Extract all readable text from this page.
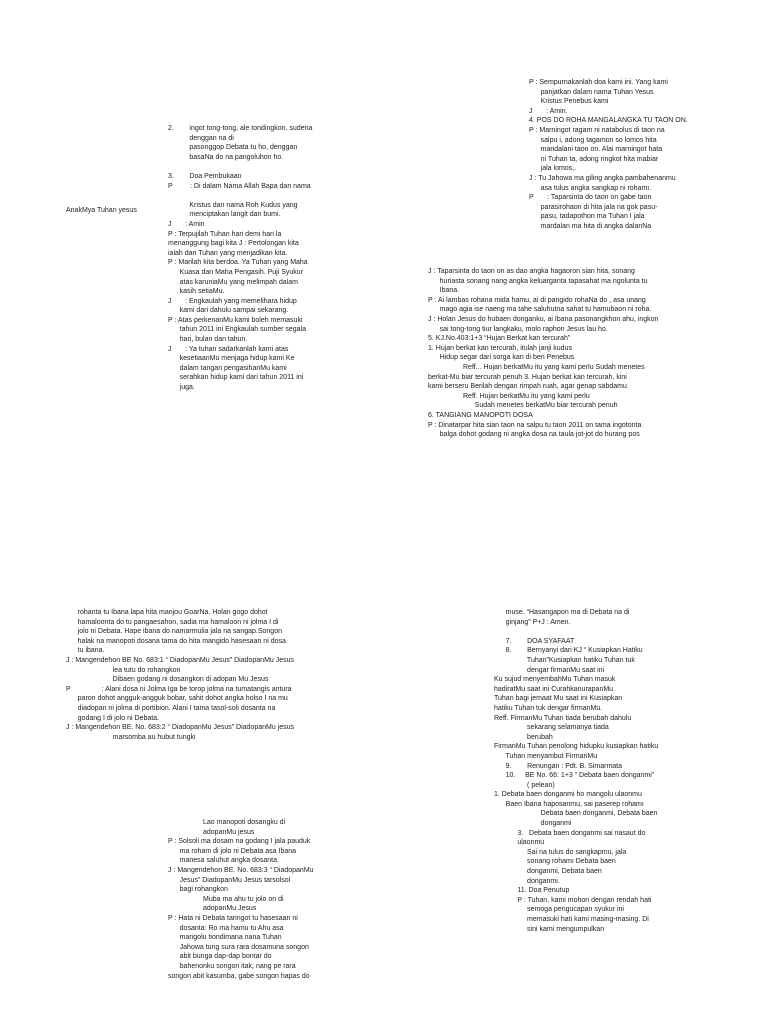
2.        ingot tong-tong, ale tondingkon, sudena

denggan na di

pasonggop Debata tu ho, denggan

basaNa do na pangoluhon ho.

3.        Doa Pembukaan

P         : Di dalam Nama Allah Bapa dan nama

Kristus dan nama Roh Kudus yang

menciptakan langit dan bumi.

J       : Amin

P : Terpujilah Tuhan hari demi hari la

menanggung bagi kita J : Pertolongan kita

ialah dari Tuhan yang menjadikan kita.

P : Marilah kita berdoa. Ya Tuhan yang Maha

Kuasa dan Maha Pengasih. Puji Syukur

atas karuniaMu yang melimpah dalam

kasih setiaMu.

J       : Engkaulah yang memelihara hidup

kami dari dahulu sampai sekarang.

P : Atas perkenanMu kami boleh memasuki

tahun 2011 ini Engkaulah sumber segala

hari, bulan dan tahun.

J       : Ya tuhan sadarkanlah kami atas

kesetiaanMu menjaga hidup kami Ke

dalam tangan pengasihanMu kami

serahkan hidup kami dari tahun 2011 ini

juga.

AnakMya Tuhan yesus

P : Sempurnakanlah doa kami ini. Yang kami

panjatkan dalam nama Tuhan Yesus

Kristus Penebus kami

J       : Amin.

4. POS DO ROHA MANGALANGKA TU TAON ON.

P : Marningot ragam ni natabolus di taon na

salpu i, adong tagamon so lomos hita

mandalani taon on. Alai marningot hata

ni Tuhan ta, adong ringkot hita mabiar

jala lomos,.

J : Tu Jahowa ma giling angka pambahenanmu

asa tulus angka sangkap ni rohamı.

P       : Taparsinta do taon on gabe taon

parasirohaon di hita jala na gok pasu-

pasu, tadapothon ma Tuhan I jala

mardalan ma hita di angka dalanNa

J : Taparsinta do taon on as dao angka hagaoron sian hita, sonang

huriasta sonang nang angka keluarganta tapasahat ma ngolunta tu

Ibana.

P : Ai lambas rohana mida hamu, ai di pangido rohaNa do , asa unang

mago agia ise naeng ma tahe saluhutna sahat tu hamubaon ni roha.

J : Holan Jesus do hubaen donganku, ai Ibana pasonangkhon ahu, ingkon

sai tong-tong tiur langkaku, molo raphon Jesus lau ho.

5. KJ.No.403:1+3 “Hujan Berkat kan tercurah”

1. Hujan berkat kan tercurah, itulah janji kudus

Hidup segar dari sorga kan di beri Penebus

Reff... Hujan berkatMu itu yang kami perlu Sudah menetes

berkat-Mu biar tercurah penuh 3. Hujan berkat kan tercurah, kini

kami berseru Berilah dengan rimpah ruah, agar genap sabdamu

Reff. Hujan berkatMu itu yang kami perlu

Sudah menetes berkatMu biar tercurah penuh

6. TANGIANG MANOPOTI DOSA

P : Dinatarpar hita sian taon na salpu tu taon 2011 on tama ingotonta

balga dohot godang ni angka dosa na taula jot-jot do hurang pos

rohanta tu Ibana lapa hita manjou GoarNa. Holan gogo dohot

hamaloonta do tu pangaesahon, sadia ma hamaloon ni jolma I di

jolo ni Debata. Hape ibana do namarmulia jala na sangap.Songon

halak na manopoti dosana tama do hita mangido hasesaan ni dosa

tu ibana.

J : Mangendehon BE No. 683:1 “ DiadopanMu Jesus” DiadopanMu Jesus

lea tutu do rohangkon

Dibaen godang ni dosangkon di adopan Mu Jesus

P                : Alani dosa ni Jolma Iga be torop jolma na tumatangis antura

paron dohot angguk-angguk bobar, sahit dohot angka holso I na mu

diadopan ni jolma di portibion. Alani I tama tasol-soli dosanta na

godang I di jolo ni Debata.

J : Mangendehon BE. No. 683:2 “ DiadopanMu Jesus” DiadopanMu jesus

marsomba au hubut tungki

Lao manopoti dosangku di

adopanMu jesus

P : Solsoli ma dosam na godang I jala pauduk

ma roham di jolo ni Debata asa Ibana

manesa saluhut angka dosanta.

J : Mangendehon BE. No. 683:3 “ DiadopanMu

Jesus” DiadopanMu Jesus tarsolsol

bagi rohangkon

Muba ma ahu tu jolo on di

adopanMu Jesus

P : Hata ni Debata taringot tu hasesaan ni

dosanta: Ro ma hamu tu Ahu asa

mangolu tiondimana nana Tuhan

Jahowa tung sura rara dosamuna songon

abit bunga dap-dap bontar do

bahenonku songon itak, nang pe rara

songon abit kasumba, gabe songon hapas do

muse. “Hasangapon ma di Debata na di

ginjang” P+J : Amen.

7.        DOA SYAFAAT

8.        Bernyanyi dari KJ “ Kusiapkan Hatiku

Tuhan”Kusiapkan hatiku Tuhan tuk

dengar firmanMu saat ini

Ku sujud menyembahMu Tuhan masuk

hadiratMu saat ini CurahkanurapanMu

Tuhan bagi jemaat Mu saat ini Kusiapkan

hatiku Tuhan tuk dengar firmanMu.

Reff. FirmanMu Tuhan tiada berubah dahulu

sekarang selamanya tiada

berubah

FirmanMu Tuhan penolong hidupku kusiapkan hatiku

Tuhan menyambut FirmanMu

9.        Renungan : Pdt. B. Simarmata

10.     BE No. 66: 1+3 “ Debata baen donganmi”

( pelean)

1. Debata baen donganmi ho mangolu ulaonmu

Baen Ibana haposanmu, sai paserep rohamı

Debata baen donganmi, Debata baen

donganmi

3.   Debata baen donganmi sai nasaut do

ulaonmu

Sai na tulus do sangkapmu, jala

sonang rohamı Debata baen

donganmi, Debata baen

donganmi.

11. Doa Penutup

P : Tuhan, kami mohon dengan rendah hati

semoga pengucapan syukur ini

memasuki hati kami masing-masing. Di

sini kami mengumpulkan
